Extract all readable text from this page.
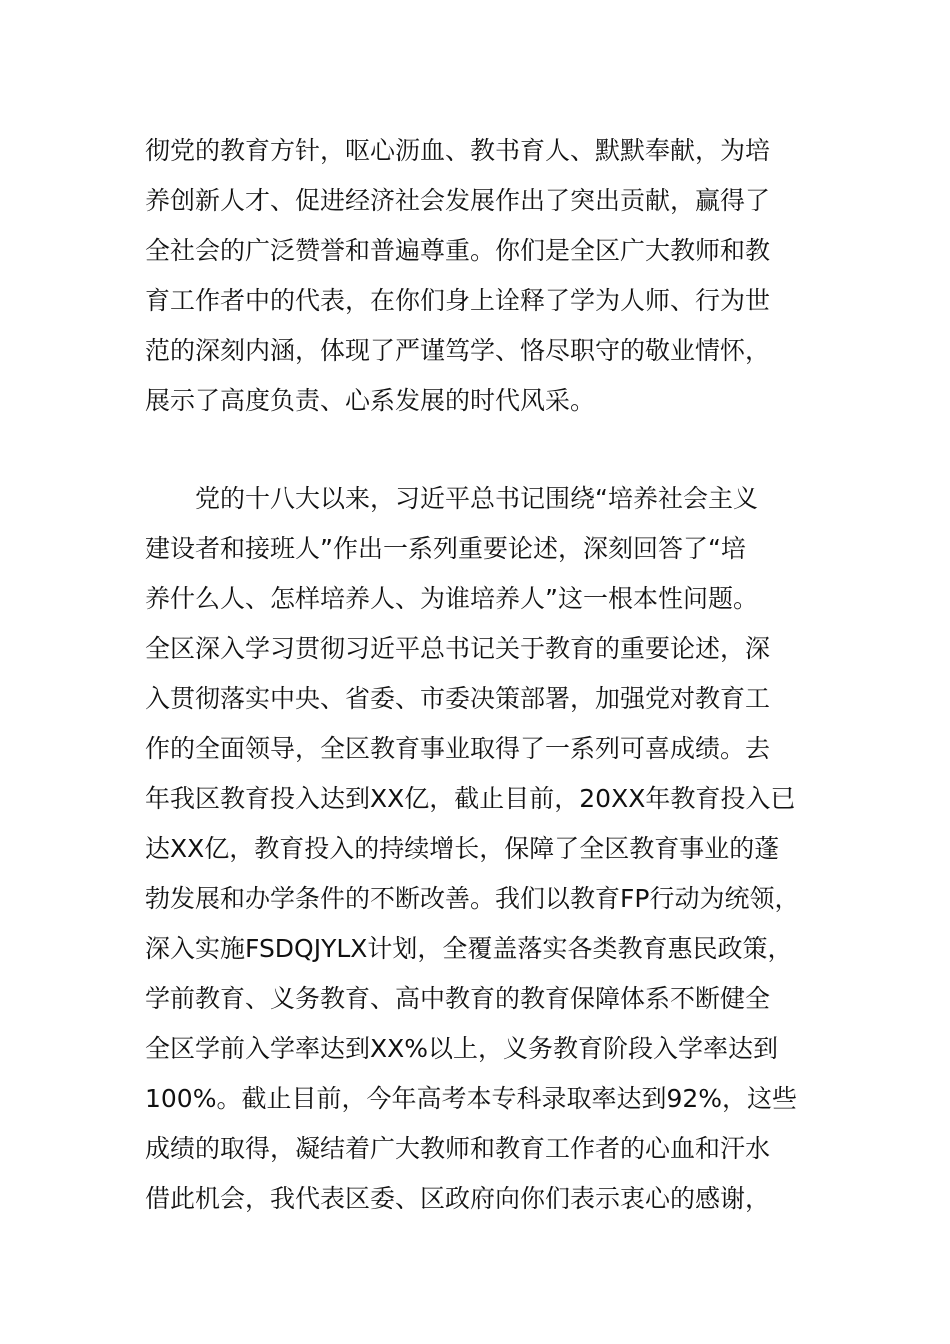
彻党的教育方针，呕心沥血、教书育人、默默奉献，为培
养创新人才、促进经济社会发展作出了突出贡献，赢得了
全社会的广泛赞誉和普遍尊重。你们是全区广大教师和教
育工作者中的代表，在你们身上诠释了学为人师、行为世
范的深刻内涵，体现了严谨笃学、恪尽职守的敬业情怀，
展示了高度负责、心系发展的时代风采。
党的十八大以来，习近平总书记围绕“培养社会主义
建设者和接班人”作出一系列重要论述，深刻回答了“培
养什么人、怎样培养人、为谁培养人”这一根本性问题。
全区深入学习贯彻习近平总书记关于教育的重要论述，深
入贯彻落实中央、省委、市委决策部署，加强党对教育工
作的全面领导，全区教育事业取得了一系列可喜成绩。去
年我区教育投入达到XX亿，截止目前，20XX年教育投入已
达XX亿，教育投入的持续增长，保障了全区教育事业的蓬
勃发展和办学条件的不断改善。我们以教育FP行动为统领，
深入实施FSDQJYLX计划，全覆盖落实各类教育惠民政策，
学前教育、义务教育、高中教育的教育保障体系不断健全
全区学前入学率达到XX%以上，义务教育阶段入学率达到
100%。截止目前，今年高考本专科录取率达到92%，这些
成绩的取得，凝结着广大教师和教育工作者的心血和汗水
借此机会，我代表区委、区政府向你们表示衷心的感谢，
